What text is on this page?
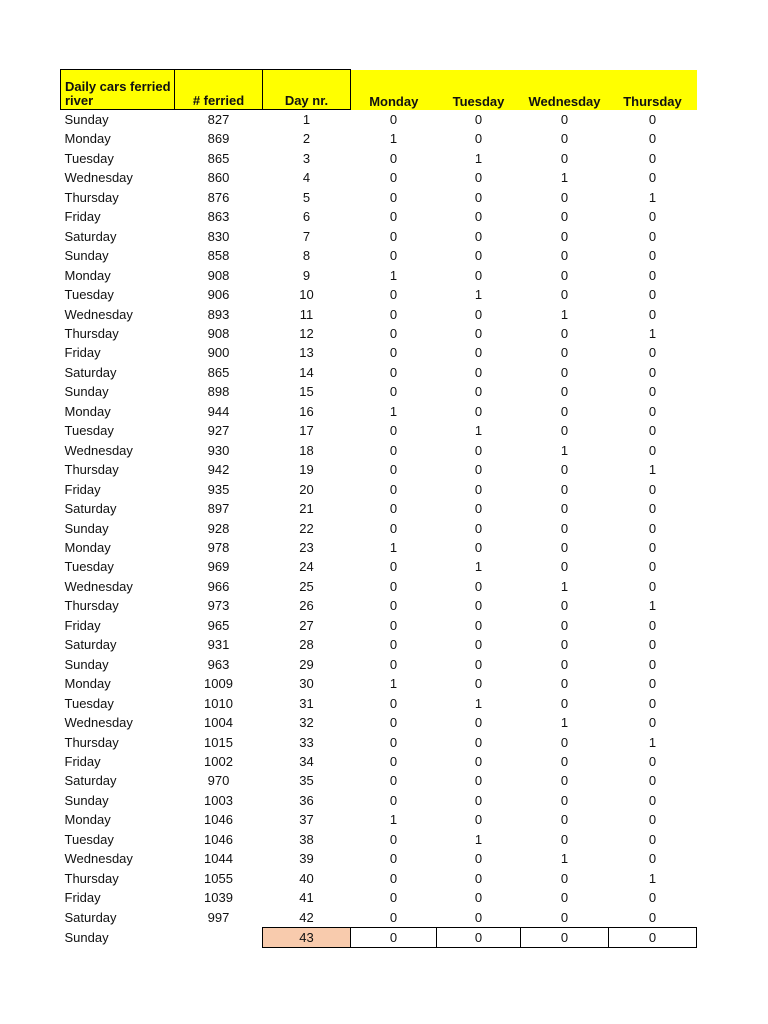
Daily cars ferried river	# ferried	Day nr.	Monday	Tuesday	Wednesday	Thursday
Sunday	827	1	0	0	0	0
Monday	869	2	1	0	0	0
Tuesday	865	3	0	1	0	0
Wednesday	860	4	0	0	1	0
Thursday	876	5	0	0	0	1
Friday	863	6	0	0	0	0
Saturday	830	7	0	0	0	0
Sunday	858	8	0	0	0	0
Monday	908	9	1	0	0	0
Tuesday	906	10	0	1	0	0
Wednesday	893	11	0	0	1	0
Thursday	908	12	0	0	0	1
Friday	900	13	0	0	0	0
Saturday	865	14	0	0	0	0
Sunday	898	15	0	0	0	0
Monday	944	16	1	0	0	0
Tuesday	927	17	0	1	0	0
Wednesday	930	18	0	0	1	0
Thursday	942	19	0	0	0	1
Friday	935	20	0	0	0	0
Saturday	897	21	0	0	0	0
Sunday	928	22	0	0	0	0
Monday	978	23	1	0	0	0
Tuesday	969	24	0	1	0	0
Wednesday	966	25	0	0	1	0
Thursday	973	26	0	0	0	1
Friday	965	27	0	0	0	0
Saturday	931	28	0	0	0	0
Sunday	963	29	0	0	0	0
Monday	1009	30	1	0	0	0
Tuesday	1010	31	0	1	0	0
Wednesday	1004	32	0	0	1	0
Thursday	1015	33	0	0	0	1
Friday	1002	34	0	0	0	0
Saturday	970	35	0	0	0	0
Sunday	1003	36	0	0	0	0
Monday	1046	37	1	0	0	0
Tuesday	1046	38	0	1	0	0
Wednesday	1044	39	0	0	1	0
Thursday	1055	40	0	0	0	1
Friday	1039	41	0	0	0	0
Saturday	997	42	0	0	0	0
Sunday		43	0	0	0	0
